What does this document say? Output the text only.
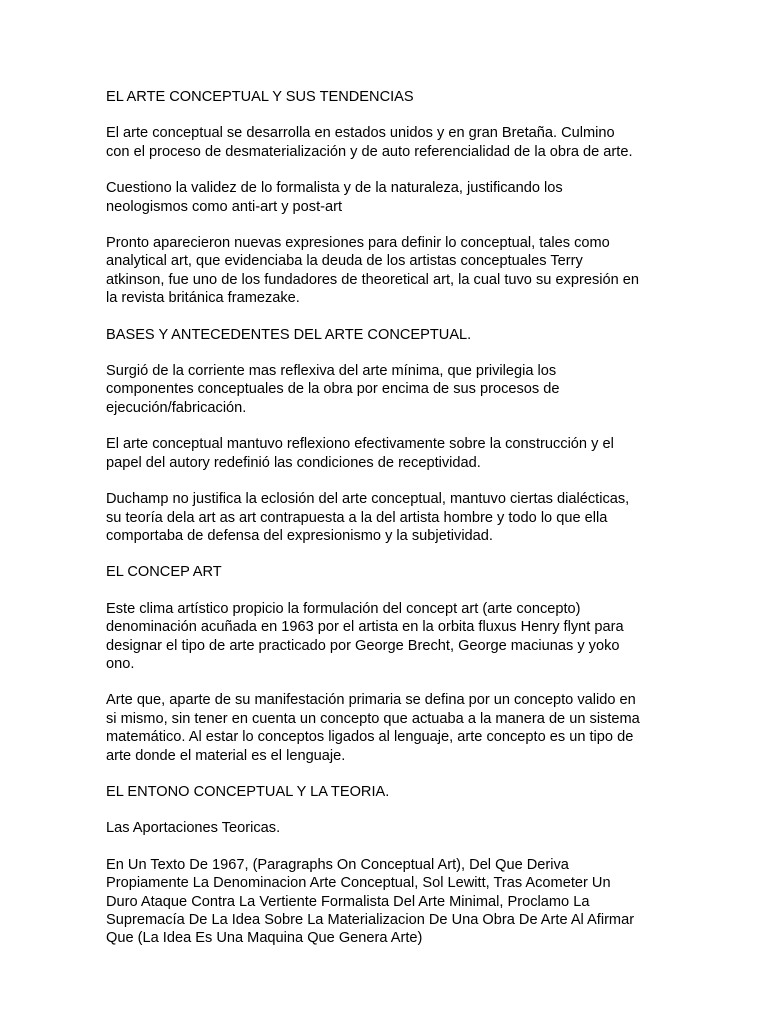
EL ARTE CONCEPTUAL Y SUS TENDENCIAS
El arte conceptual se desarrolla en estados unidos y en gran Bretaña. Culmino
con el proceso de desmaterialización y de auto referencialidad de la obra de arte.
Cuestiono la validez de lo formalista y de la naturaleza, justificando los
neologismos como anti-art y post-art
Pronto aparecieron nuevas expresiones para definir lo conceptual, tales como
analytical art, que evidenciaba la deuda de los artistas conceptuales Terry
atkinson, fue uno de los fundadores de theoretical art, la cual tuvo su expresión en
la revista británica framezake.
BASES Y ANTECEDENTES DEL ARTE CONCEPTUAL.
Surgió de la corriente mas reflexiva del arte mínima, que privilegia los
componentes conceptuales de la obra por encima de sus procesos de
ejecución/fabricación.
El arte conceptual mantuvo reflexiono efectivamente sobre la construcción y el
papel del autory redefinió las condiciones de receptividad.
Duchamp no justifica la eclosión del arte conceptual, mantuvo ciertas dialécticas,
su teoría dela art as art contrapuesta a la del artista hombre y todo lo que ella
comportaba de defensa del expresionismo y la subjetividad.
EL CONCEP ART
Este clima artístico propicio la formulación del concept art (arte concepto)
denominación acuñada en 1963 por el artista en la orbita fluxus Henry flynt para
designar el tipo de arte practicado por George Brecht, George maciunas y yoko
ono.
Arte que, aparte de su manifestación primaria se defina por un concepto valido en
si mismo, sin tener en cuenta un concepto que actuaba a la manera de un sistema
matemático. Al estar lo conceptos ligados al lenguaje, arte concepto es un tipo de
arte donde el material es el lenguaje.
EL ENTONO CONCEPTUAL Y LA TEORIA.
Las Aportaciones Teoricas.
En Un Texto De 1967, (Paragraphs On Conceptual Art), Del Que Deriva
Propiamente La Denominacion Arte Conceptual, Sol Lewitt, Tras Acometer Un
Duro Ataque Contra La Vertiente Formalista Del Arte Minimal, Proclamo La
Supremacía De La Idea Sobre La Materializacion De Una Obra De Arte Al Afirmar
Que (La Idea Es Una Maquina Que Genera Arte)
